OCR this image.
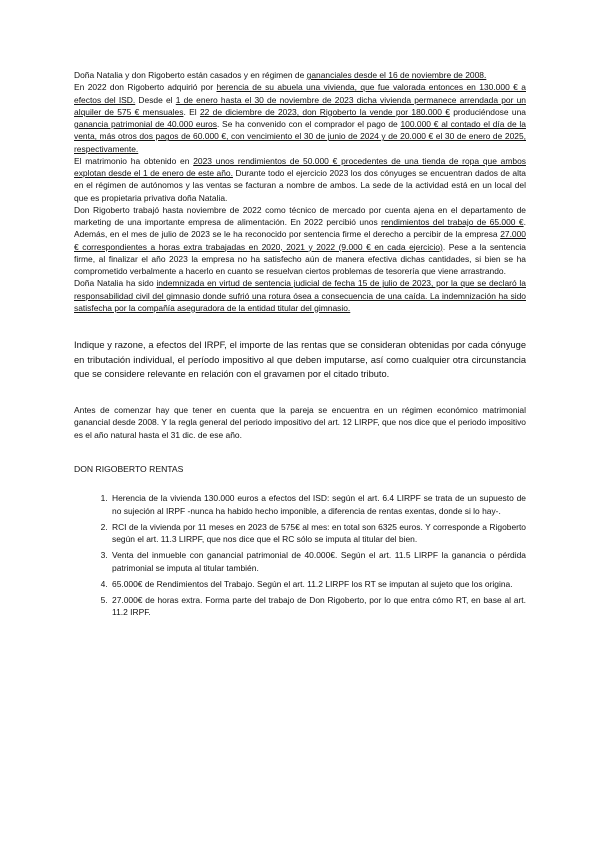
Doña Natalia y don Rigoberto están casados y en régimen de gananciales desde el 16 de noviembre de 2008.

En 2022 don Rigoberto adquirió por herencia de su abuela una vivienda, que fue valorada entonces en 130.000 € a efectos del ISD. Desde el 1 de enero hasta el 30 de noviembre de 2023 dicha vivienda permanece arrendada por un alquiler de 575 € mensuales. El 22 de diciembre de 2023, don Rigoberto la vende por 180.000 € produciéndose una ganancia patrimonial de 40.000 euros. Se ha convenido con el comprador el pago de 100.000 € al contado el día de la venta, más otros dos pagos de 60.000 €, con vencimiento el 30 de junio de 2024 y de 20.000 € el 30 de enero de 2025, respectivamente.

El matrimonio ha obtenido en 2023 unos rendimientos de 50.000 € procedentes de una tienda de ropa que ambos explotan desde el 1 de enero de este año. Durante todo el ejercicio 2023 los dos cónyuges se encuentran dados de alta en el régimen de autónomos y las ventas se facturan a nombre de ambos. La sede de la actividad está en un local del que es propietaria privativa doña Natalia.

Don Rigoberto trabajó hasta noviembre de 2022 como técnico de mercado por cuenta ajena en el departamento de marketing de una importante empresa de alimentación. En 2022 percibió unos rendimientos del trabajo de 65.000 €. Además, en el mes de julio de 2023 se le ha reconocido por sentencia firme el derecho a percibir de la empresa 27.000 € correspondientes a horas extra trabajadas en 2020, 2021 y 2022 (9.000 € en cada ejercicio). Pese a la sentencia firme, al finalizar el año 2023 la empresa no ha satisfecho aún de manera efectiva dichas cantidades, si bien se ha comprometido verbalmente a hacerlo en cuanto se resuelvan ciertos problemas de tesorería que viene arrastrando.

Doña Natalia ha sido indemnizada en virtud de sentencia judicial de fecha 15 de julio de 2023, por la que se declaró la responsabilidad civil del gimnasio donde sufrió una rotura ósea a consecuencia de una caída. La indemnización ha sido satisfecha por la compañía aseguradora de la entidad titular del gimnasio.

Indique y razone, a efectos del IRPF, el importe de las rentas que se consideran obtenidas por cada cónyuge en tributación individual, el período impositivo al que deben imputarse, así como cualquier otra circunstancia que se considere relevante en relación con el gravamen por el citado tributo.

Antes de comenzar hay que tener en cuenta que la pareja se encuentra en un régimen económico matrimonial ganancial desde 2008. Y la regla general del periodo impositivo del art. 12 LIRPF, que nos dice que el periodo impositivo es el año natural hasta el 31 dic. de ese año.

DON RIGOBERTO RENTAS

1. Herencia de la vivienda 130.000 euros a efectos del ISD: según el art. 6.4 LIRPF se trata de un supuesto de no sujeción al IRPF -nunca ha habido hecho imponible, a diferencia de rentas exentas, donde si lo hay-.
2. RCI de la vivienda por 11 meses en 2023 de 575€ al mes: en total son 6325 euros. Y corresponde a Rigoberto según el art. 11.3 LIRPF, que nos dice que el RC sólo se imputa al titular del bien.
3. Venta del inmueble con ganancial patrimonial de 40.000€. Según el art. 11.5 LIRPF la ganancia o pérdida patrimonial se imputa al titular también.
4. 65.000€ de Rendimientos del Trabajo. Según el art. 11.2 LIRPF los RT se imputan al sujeto que los origina.
5. 27.000€ de horas extra. Forma parte del trabajo de Don Rigoberto, por lo que entra cómo RT, en base al art. 11.2 IRPF.
